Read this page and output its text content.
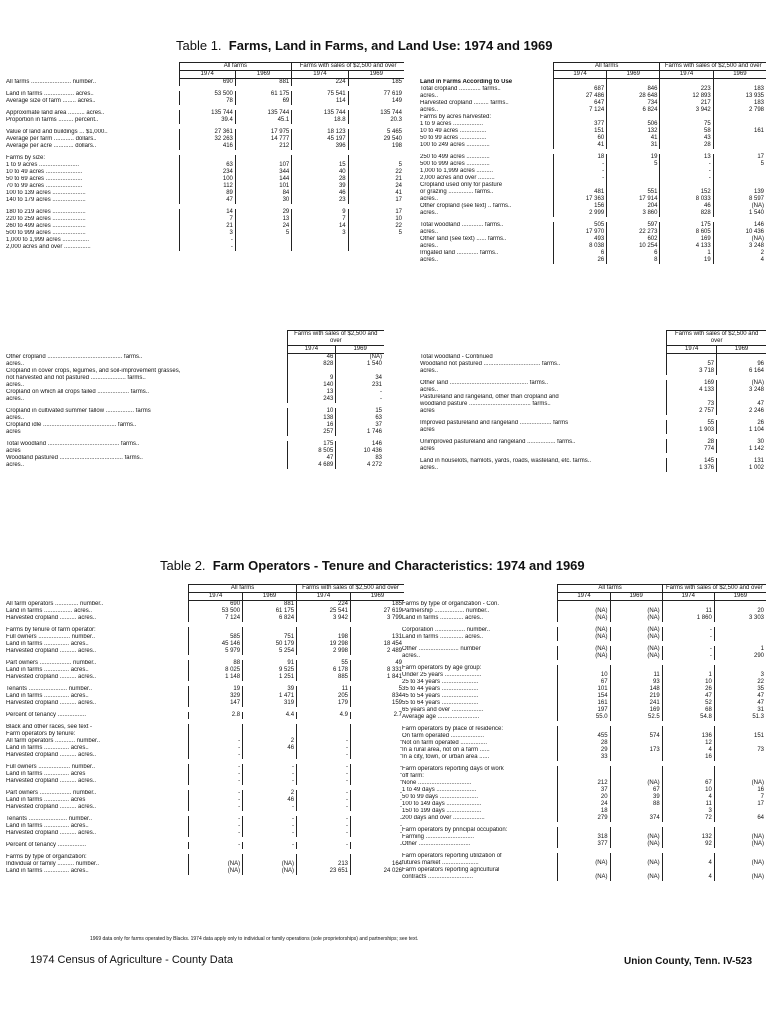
Table 1. Farms, Land in Farms, and Land Use: 1974 and 1969
	All farms		Farms with sales of $2,500 and over	
	1974	1969	1974	1969
All farms ........................ number..	690	881	224	185

Land in farms .................. acres..	53 500	61 175	75 541	77 619
Average size of farm ........ acres..	78	69	114	149

Approximate land area .......... acres..	135 744	135 744	135 744	135 744
Proportion in farms ......... percent..	39.4	45.1	18.8	20.3

Value of land and buildings ... $1,000..	27 361	17 975	18 123	5 465
Average per farm ............ dollars..	32 263	14 777	45 197	29 540
Average per acre ............ dollars..	416	212	396	198

Farms by size:				
1 to 9 acres ........................	63	107	15	5
10 to 49 acres ......................	234	344	40	22
50 to 69 acres ......................	100	144	28	21
70 to 99 acres ......................	112	101	39	24
100 to 139 acres ....................	89	84	46	41
140 to 179 acres ....................	47	30	23	17

180 to 219 acres ....................	14	29	9	17
220 to 259 acres ....................	7	13	7	10
260 to 499 acres ....................	21	24	14	22
500 to 999 acres ....................	3	5	3	5
1,000 to 1,999 acres ................	-			
2,000 acres and over ................	-			
	All farms		Farms with sales of $2,500 and over	
	1974	1969	1974	1969
Land in Farms According to Use				
Total cropland ............. farms..	687	846	223	183
acres..	27 486	28 648	12 893	13 935
Harvested cropland ......... farms..	647	734	217	183
acres..	7 124	6 824	3 942	2 798
Farms by acres harvested:				
1 to 9 acres ..................	377	506	75	
10 to 49 acres ................	151	132	58	161
50 to 99 acres ................	60	41	43	
100 to 249 acres ..............	41	31	28	

250 to 499 acres ..............	18	19	13	17
500 to 999 acres ..............	-	5	-	5
1,000 to 1,999 acres ..........	-		-	
2,000 acres and over ..........	-		-	
Cropland used only for pasture				
or grazing ............... farms..	481	551	152	139
acres..	17 363	17 914	8 033	8 597
Other cropland (see text) .. farms..	156	204	46	(NA)
acres..	2 999	3 860	828	1 540

Total woodland ............. farms..	505	597	175	146
acres..	17 970	22 273	8 605	10 436
Other land (see text) ...... farms..	493	602	169	(NA)
acres..	8 038	10 254	4 133	3 248
Irrigated land ............. farms..	6	6	1	2
acres..	26	8	19	4
	Farms with sales of $2,500 and over	
	1974	1969
Other cropland ............................................. farms..	46	(NA)
acres..	828	1 540
Cropland in cover crops, legumes, and soil-improvement grasses,		
not harvested and not pastured ..................... farms..	9	34
acres..	140	231
Cropland on which all crops failed ................... farms..	13	-
acres..	243	-

Cropland in cultivated summer fallow ................. farms	10	15
acres..	138	63
Cropland idle ............................................ farms..	16	37
acres	257	1 746

Total woodland ........................................... farms..	175	146
acres	8 505	10 436
Woodland pastured ...................................... farms..	47	83
acres..	4 689	4 272
	Farms with sales of $2,500 and over	
	1974	1969
Total woodland - Continued		
Woodland not pastured .................................. farms..	57	96
acres..	3 718	6 164

Other land ............................................... farms..	169	(NA)
acres..	4 133	3 248
Pastureland and rangeland, other than cropland and		
woodland pasture ..................................... farms..	73	47
acres	2 757	2 246

Improved pastureland and rangeland ................... farms	55	26
acres	1 903	1 104

Unimproved pastureland and rangeland ................. farms..	28	30
acres	774	1 142

Land in houselots, hamlots, yards, roads, wasteland, etc. farms..	145	131
acres..	1 376	1 002
Table 2. Farm Operators - Tenure and Characteristics: 1974 and 1969
	All farms		Farms with sales of $2,500 and over	
	1974	1969	1974	1969
All farm operators .............. number..	690	881	224	185
Land in farms ................. acres..	53 500	61 175	25 541	27 619
Harvested cropland .......... acres..	7 124	6 824	3 942	3 799

Farms by tenure of farm operator:				
Full owners ................... number..	585	751	198	131
Land in farms ............... acres..	45 146	50 179	19 298	18 454
Harvested cropland .......... acres..	5 979	5 254	2 998	2 489

Part owners ................... number..	88	91	55	49
Land in farms ............... acres..	8 025	9 525	6 178	8 331
Harvested cropland .......... acres..	1 148	1 251	885	1 841

Tenants ....................... number..	19	39	11	5
Land in farms ............... acres..	329	1 471	205	834
Harvested cropland .......... acres..	147	319	179	159

Percent of tenancy .................	2.8	4.4	4.9	2.7

Black and other races, see text -				
Farm operators by tenure:				
All farm operators ............ number..	-	2	-	-
Land in farms ............... acres..	-	46	-	-
Harvested cropland .......... acres..	-		-	-

Full owners ................... number..	-	-	-	-
Land in farms ............... acres	-	-	-	-
Harvested cropland .......... acres..	-	-	-	-

Part owners ................... number..	-	2	-	-
Land in farms ............... acres	-	46	-	-
Harvested cropland .......... acres..	-	-	-	-

Tenants ....................... number..	-	-	-	-
Land in farms ............... acres..	-	-	-	-
Harvested cropland .......... acres..	-	-	-	-

Percent of tenancy .................	-	-	-	-

Farms by type of organization:				
Individual or family .......... number..	(NA)	(NA)	213	164
Land in farms ............... acres..	(NA)	(NA)	23 651	24 026
	All farms		Farms with sales of $2,500 and over	
	1974	1969	1974	1969
Farms by type of organization - Con.				
Partnership .................. number..	(NA)	(NA)	11	20
Land in farms .............. acres..	(NA)	(NA)	1 860	3 303

Corporation .................. number..	(NA)	(NA)	-	
Land in farms .............. acres..	(NA)	(NA)	-	

Other ........................ number	(NA)	(NA)	-	1
acres..	(NA)	(NA)	-	290

Farm operators by age group:				
Under 25 years ......................	10	11	1	3
25 to 34 years ......................	67	93	10	22
35 to 44 years ......................	101	148	26	35
45 to 54 years ......................	154	219	47	47
55 to 64 years ......................	161	241	52	47
65 years and over ...................	197	169	68	31
Average age .........................	55.0	52.5	54.8	51.3

Farm operators by place of residence:				
On farm operated ....................	455	574	136	151
Not on farm operated ................	28		12	
In a rural area, not on a farm ......	29	173	4	73
In a city, town, or urban area ......	33		16	

Farm operators reporting days of work				
off farm:				
None ................................	212	(NA)	67	(NA)
1 to 49 days ........................	37	67	10	16
50 to 99 days .......................	20	39	4	7
100 to 149 days .....................	24	88	11	17
150 to 199 days .....................	18		3	
200 days and over ...................	279	374	72	64

Farm operators by principal occupation:				
Farming .............................	318	(NA)	132	(NA)
Other ...............................	377	(NA)	92	(NA)

Farm operators reporting utilization of				
futures market ......................	(NA)	(NA)	4	(NA)
Farm operators reporting agricultural				
contracts ...........................	(NA)	(NA)	4	(NA)
1969 data only for farms operated by Blacks. 1974 data apply only to individual or family operations (sole proprietorships) and partnerships; see text.
1974 Census of Agriculture - County Data	Union County, Tenn. IV-523
